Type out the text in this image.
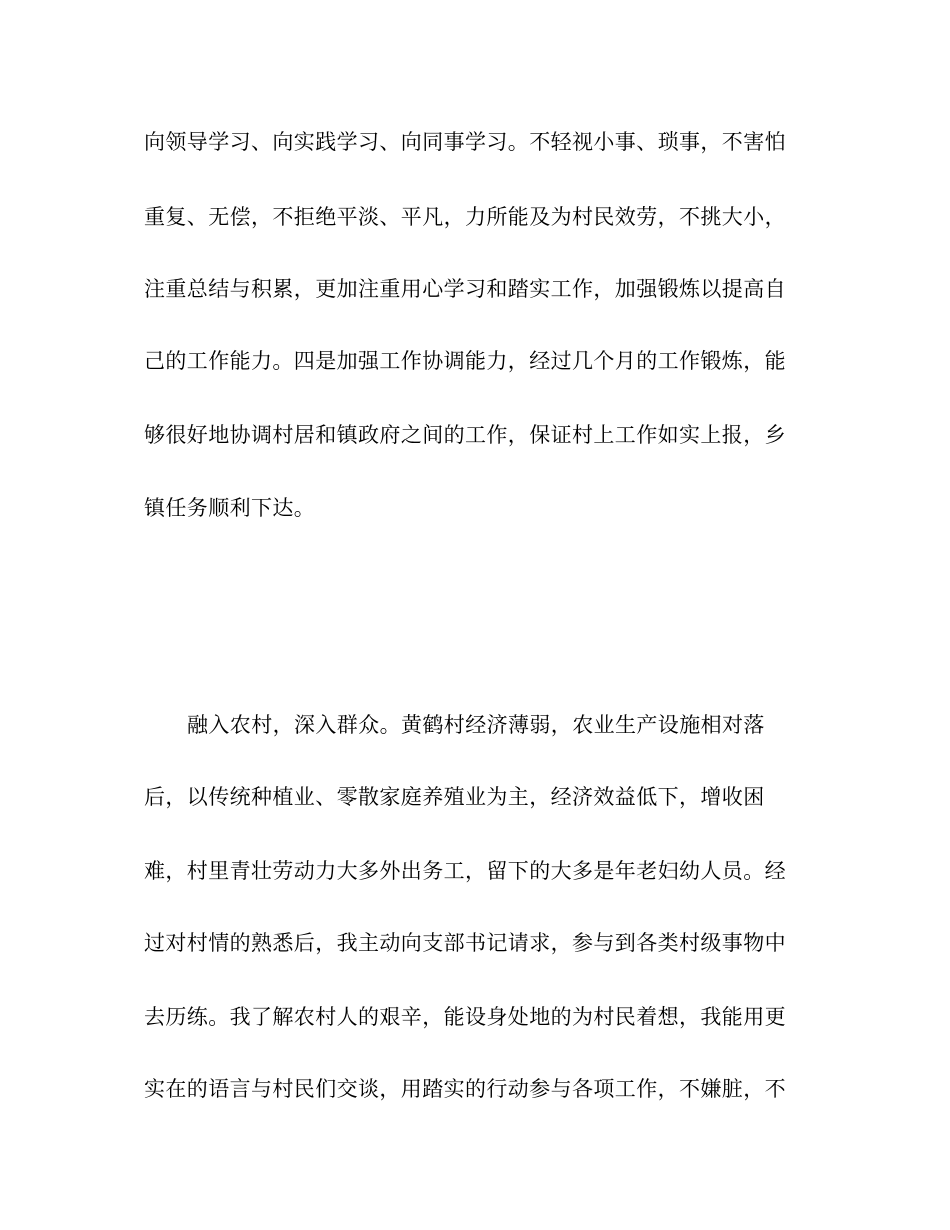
向领导学习、向实践学习、向同事学习。不轻视小事、琐事，不害怕
重复、无偿，不拒绝平淡、平凡，力所能及为村民效劳，不挑大小，
注重总结与积累，更加注重用心学习和踏实工作，加强锻炼以提高自
己的工作能力。四是加强工作协调能力，经过几个月的工作锻炼，能
够很好地协调村居和镇政府之间的工作，保证村上工作如实上报，乡
镇任务顺利下达。
融入农村，深入群众。黄鹤村经济薄弱，农业生产设施相对落
后，以传统种植业、零散家庭养殖业为主，经济效益低下，增收困
难，村里青壮劳动力大多外出务工，留下的大多是年老妇幼人员。经
过对村情的熟悉后，我主动向支部书记请求，参与到各类村级事物中
去历练。我了解农村人的艰辛，能设身处地的为村民着想，我能用更
实在的语言与村民们交谈，用踏实的行动参与各项工作，不嫌脏，不
